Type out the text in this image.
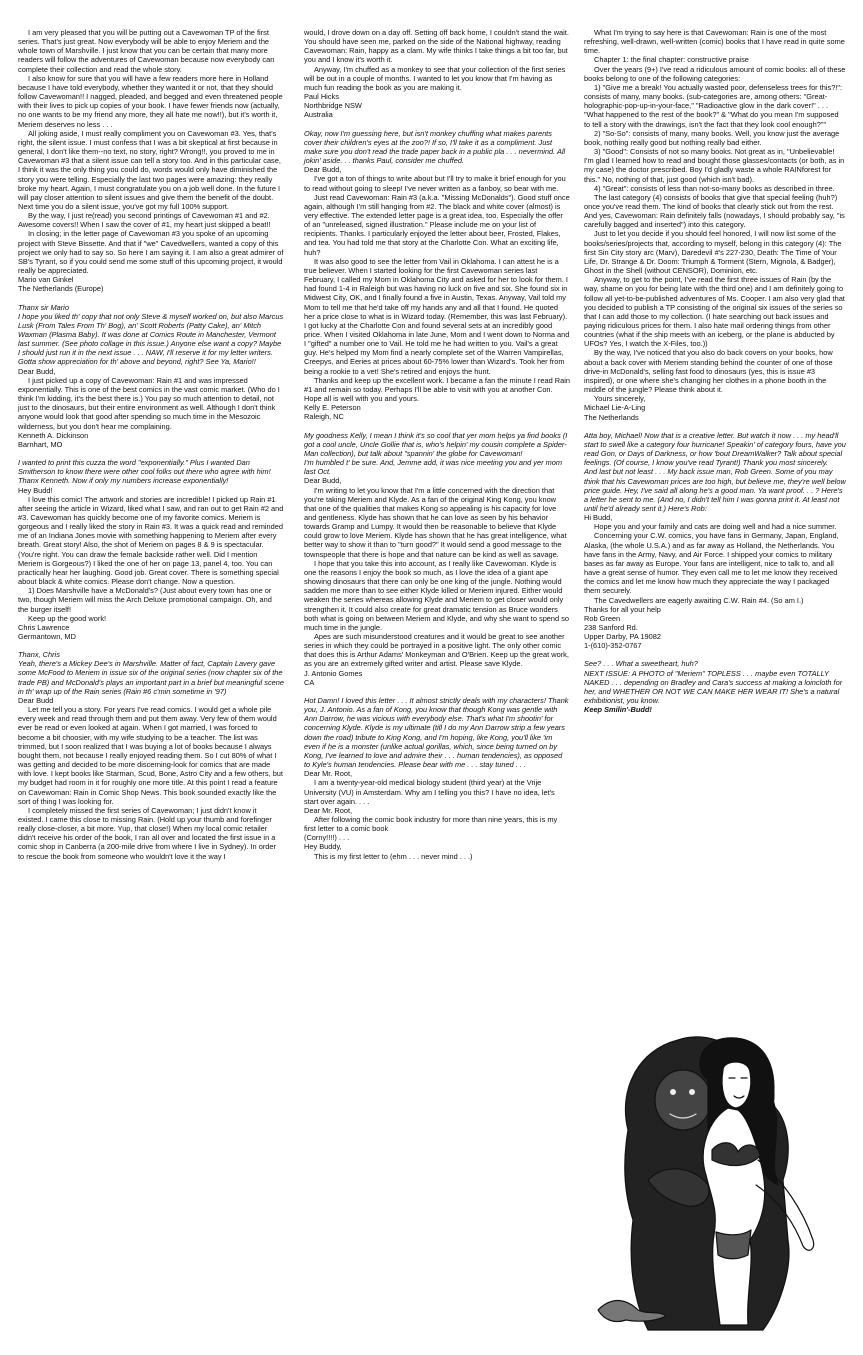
I am very pleased that you will be putting out a Cavewoman TP of the first series. That's just great. Now everybody will be able to enjoy Meriem and the whole town of Marshville. I just know that you can be certain that many more readers will follow the adventures of Cavewoman because now everybody can complete their collection and read the whole story.

I also know for sure that you will have a few readers more here in Holland because I have told everybody, whether they wanted it or not, that they should follow Cavewoman!! I nagged, pleaded, and begged and even threatened people with their lives to pick up copies of your book. I have fewer friends now (actually, no one wants to be my friend any more, they all hate me now!!), but it's worth it, Meriem deserves no less . . .

All joking aside, I must really compliment you on Cavewoman #3. Yes, that's right, the silent issue. I must confess that I was a bit skeptical at first because in general, I don't like them--no text, no story, right? Wrong!!, you proved to me in Cavewoman #3 that a silent issue can tell a story too. And in this particular case, I think it was the only thing you could do, words would only have diminished the story you were telling. Especially the last two pages were amazing: they really broke my heart. Again, I must congratulate you on a job well done. In the future I will pay closer attention to silent issues and give them the benefit of the doubt. Next time you do a silent issue, you've got my full 100% support.

By the way, I just re(read) you second printings of Cavewoman #1 and #2. Awesome covers!! When I saw the cover of #1, my heart just skipped a beat!!

In closing; in the letter page of Cavewoman #3 you spoke of an upcoming project with Steve Bissette. And that if "we" Cavedwellers, wanted a copy of this project we only had to say so. So here I am saying it. I am also a great admirer of SB's Tyrant, so if you could send me some stuff of this upcoming project, it would really be appreciated.

Mario van Ginkel
The Netherlands (Europe)

Thanx sir Mario
I hope you liked th' copy that not only Steve & myself worked on, but also Marcus Lusk (From Tales From Th' Bog), an' Scott Roberts (Patty Cake), an' Mitch Waxman (Plasma Baby). It was done at Comics Route in Manchester, Vermont last summer. (See photo collage in this issue.) Anyone else want a copy? Maybe I should just run it in the next issue . . . NAW, I'll reserve it for my letter writers. Gotta show appreciation for th' above and beyond, right? See Ya, Mario!!

Dear Budd,

I just picked up a copy of Cavewoman: Rain #1 and was impressed exponentially. This is one of the best comics in the vast comic market. (Who do I think I'm kidding, it's the best there is.) You pay so much attention to detail, not just to the dinosaurs, but their entire environment as well. Although I don't think anyone would look that good after spending so much time in the Mesozoic wilderness, but you don't hear me complaining.

Kenneth A. Dickinson
Barnhart, MO

I wanted to print this cuzza the word "exponentially." Plus I wanted Dan Smitherson to know there were other cool folks out there who agree with him! Thanx Kenneth. Now if only my numbers increase exponentially!

Hey Budd!

I love this comic! The artwork and stories are incredible! I picked up Rain #1 after seeing the article in Wizard, liked what I saw, and ran out to get Rain #2 and #3. Cavewoman has quickly become one of my favorite comics. Meriem is gorgeous and I really liked the story in Rain #3. It was a quick read and reminded me of an Indiana Jones movie with something happening to Meriem after every breath. Great story! Also, the shot of Meriem on pages 8 & 9 is spectacular. (You're right. You can draw the female backside rather well. Did I mention Meriem is Gorgeous?) I liked the one of her on page 13, panel 4, too. You can practically hear her laughing. Good job. Great cover. There is something special about black & white comics. Please don't change. Now a question.

1) Does Marshville have a McDonald's? (Just about every town has one or two, though Meriem will miss the Arch Deluxe promotional campaign. Oh, and the burger itself!

Keep up the good work!

Chris Lawrence
Germantown, MD

Thanx, Chris
Yeah, there's a Mickey Dee's in Marshville. Matter of fact, Captain Lavery gave some McFood to Meriem in issue six of the original series (now chapter six of the trade PB) and McDonald's plays an important part in a brief but meaningful scene in th' wrap up of the Rain series (Rain #6 c'min sometime in '97)

Dear Budd

Let me tell you a story. For years I've read comics. I would get a whole pile every week and read through them and put them away. Very few of them would ever be read or even looked at again. When I got married, I was forced to become a bit choosier, with my wife studying to be a teacher. The list was trimmed, but I soon realized that I was buying a lot of books because I always bought them, not because I really enjoyed reading them. So I cut 80% of what I was getting and decided to be more discerning-look for comics that are made with love. I kept books like Starman, Scud, Bone, Astro City and a few others, but my budget had room in it for roughly one more title. At this point I read a feature on Cavewoman: Rain in Comic Shop News. This book sounded exactly like the sort of thing I was looking for.

I completely missed the first series of Cavewoman; I just didn't know it existed. I came this close to missing Rain. (Hold up your thumb and forefinger really close-closer, a bit more. Yup, that close!) When my local comic retailer didn't receive his order of the book, I ran all over and located the first issue in a comic shop in Canberra (a 200-mile drive from where I live in Sydney). In order to rescue the book from someone who wouldn't love it the way I

would, I drove down on a day off. Setting off back home, I couldn't stand the wait. You should have seen me, parked on the side of the National highway, reading Cavewoman: Rain, happy as a clam. My wife thinks I take things a bit too far, but you and I know it's worth it.

Anyway, I'm chuffed as a monkey to see that your collection of the first series will be out in a couple of months. I wanted to let you know that I'm having as much fun reading the book as you are making it.

Paul Hicks
Northbridge NSW
Australia

Okay, now I'm guessing here, but isn't monkey chuffing what makes parents cover their children's eyes at the zoo?! If so, I'll take it as a compliment. Just make sure you don't read the trade paper back in a public pla . . . nevermind. All jokin' aside. . . thanks Paul, consider me chuffed.

Dear Budd,

I've got a ton of things to write about but I'll try to make it brief enough for you to read without going to sleep! I've never written as a fanboy, so bear with me.

Just read Cavewoman: Rain #3 (a.k.a. "Missing McDonalds"). Good stuff once again, although I'm still hanging from #2. The black and white cover (almost) is very effective. The extended letter page is a great idea, too. Especially the offer of an "unreleased, signed illustration." Please include me on your list of recipients. Thanks. I particularly enjoyed the letter about beer, Frosted, Flakes, and tea. You had told me that story at the Charlotte Con. What an exciting life, huh?

It was also good to see the letter from Vail in Oklahoma. I can attest he is a true believer. When I started looking for the first Cavewoman series last February, I called my Mom in Oklahoma City and asked for her to look for them. I had found 1-4 in Raleigh but was having no luck on five and six. She found six in Midwest City, OK, and I finally found a five in Austin, Texas. Anyway, Vail told my Mom to tell me that he'd take off my hands any and all that I found. He quoted her a price close to what is in Wizard today. (Remember, this was last February). I got lucky at the Charlotte Con and found several sets at an incredibly good price. When I visited Oklahoma in late June, Mom and I went down to Norma and I "gifted" a number one to Vail. He told me he had written to you. Vail's a great guy. He's helped my Mom find a nearly complete set of the Warren Vampirellas, Creepys, and Eeries at prices about 60-75% lower than Wizard's. Took her from being a rookie to a vet! She's retired and enjoys the hunt.

Thanks and keep up the excellent work. I became a fan the minute I read Rain #1 and remain so today. Perhaps I'll be able to visit with you at another Con. Hope all is well with you and yours.

Kelly E. Peterson
Raleigh, NC

My goodness Kelly, I mean I think it's so cool that yer mom helps ya find books (I got a cool uncle, Uncle Gollie that is, who's helpin' my cousin complete a Spider-Man collection), but talk about "spannin' the globe for Cavewoman!
I'm humbled t' be sure. And, Jemme add, it was nice meeting you and yer mom last Oct.

Dear Budd,

I'm writing to let you know that I'm a little concerned with the direction that you're taking Meriem and Klyde. As a fan of the original King Kong, you know that one of the qualities that makes Kong so appealing is his capacity for love and gentleness. Klyde has shown that he can love as seen by his behavior towards Gramp and Lumpy. It would then be reasonable to believe that Klyde could grow to love Meriem. Klyde has shown that he has great intelligence, what better way to show it than to "turn good?" It would send a good message to the townspeople that there is hope and that nature can be kind as well as savage.

I hope that you take this into account, as I really like Cavewoman. Klyde is one the reasons I enjoy the book so much, as I love the idea of a giant ape showing dinosaurs that there can only be one king of the jungle. Nothing would sadden me more than to see either Klyde killed or Meriem injured. Either would weaken the series whereas allowing Klyde and Meriem to get closer would only strengthen it. It could also create for great dramatic tension as Bruce wonders both what is going on between Meriem and Klyde, and why she want to spend so much time in the jungle.

Apes are such misunderstood creatures and it would be great to see another series in which they could be portrayed in a positive light. The only other comic that does this is Arthur Adams' Monkeyman and O'Brien. Keep up the great work, as you are an extremely gifted writer and artist. Please save Klyde.

J. Antonio Gomes
CA

Hot Damn! I loved this letter . . . It almost strictly deals with my characters! Thank you, J. Antonio. As a fan of Kong, you know that though Kong was gentle with Ann Darrow, he was vicious with everybody else. That's what I'm shootin' for concerning Klyde. Klyde is my ultimate (till I do my Ann Darrow strip a few years down the road) tribute to King Kong, and I'm hoping, like Kong, you'll like 'im even if he is a monster (unlike actual gorillas, which, since being turned on by Kong, I've learned to love and admire their . . . human tendencies), as opposed to Kyle's human tendencies. Please bear with me . . . stay tuned . . .

Dear Mr. Root,

I am a twenty-year-old medical biology student (third year) at the Vrije University (VU) in Amsterdam. Why am I telling you this? I have no idea, let's start over again. . . .

Dear Mr. Root,

After following the comic book industry for more than nine years, this is my first letter to a comic book

(Corny!!!!) . . .

Hey Buddy,

This is my first letter to (ehm . . . never mind . . .)

What I'm trying to say here is that Cavewoman: Rain is one of the most refreshing, well-drawn, well-written (comic) books that I have read in quite some time.

Chapter 1: the final chapter: constructive praise

Over the years (9+) I've read a ridiculous amount of comic books: all of these books belong to one of the following categories:

1) "Give me a break! You actually wasted poor, defenseless trees for this?!": consists of many, many books. (sub-categories are, among others: "Great-holographic-pop-up-in-your-face," "Radioactive glow in the dark cover!" . . . "What happened to the rest of the book?" & "What do you mean I'm supposed to tell a story with the drawings, isn't the fact that they look cool enough?""

2) "So-So": consists of many, many books. Well, you know just the average book, nothing really good but nothing really bad either.

3) "Good": Consists of not so many books. Not great as in, "Unbelievable! I'm glad I learned how to read and bought those glasses/contacts (or both, as in my case) the doctor prescribed. Boy I'd gladly waste a whole RAINforest for this." No, nothing of that, just good (which isn't bad).

4) "Great": consists of less than not-so-many books as described in three.

The last category (4) consists of books that give that special feeling (huh?) once you've read them. The kind of books that clearly stick out from the rest. And yes, Cavewoman: Rain definitely falls (nowadays, I should probably say, "is carefully bagged and inserted") into this category.

Just to let you decide if you should feel honored, I will now list some of the books/series/projects that, according to myself, belong in this category (4): The first Sin City story arc (Marv), Daredevil #'s 227-230, Death: The Time of Your Life, Dr. Strange & Dr. Doom: Triumph & Torment (Stern, Mignola, & Badger), Ghost in the Shell (without CENSOR), Dominion, etc.

Anyway, to get to the point, I've read the first three issues of Rain (by the way, shame on you for being late with the third one) and I am definitely going to follow all yet-to-be-published adventures of Ms. Cooper. I am also very glad that you decided to publish a TP consisting of the original six issues of the series so that I can add those to my collection. (I hate searching out back issues and paying ridiculous prices for them. I also hate mail ordering things from other countries (what if the ship meets with an iceberg, or the plane is abducted by UFOs? Yes, I watch the X-Files, too.))

By the way, I've noticed that you also do back covers on your books, how about a back cover with Meriem standing behind the counter of one of those drive-in McDonald's, selling fast food to dinosaurs (yes, this is issue #3 inspired), or one where she's changing her clothes in a phone booth in the middle of the jungle? Please think about it.

Yours sincerely,

Michael Lie-A-Ling
The Netherlands

Atta boy, Michael! Now that is a creative letter. But watch it now . . . my head'll start to swell like a category four hurricane! Speakin' of category fours, have you read Gon, or Days of Darkness, or how 'bout DreamWalker? Talk about special feelings. (Of course, I know you've read Tyrant!) Thank you most sincerely.

And last but not least . . . My back issue man, Rob Green. Some of you may think that his Cavewoman prices are too high, but believe me, they're well below price guide. Hey, I've said all along he's a good man. Ya want proof. . . ? Here's a letter he sent to me. (And no, I didn't tell him I was gonna print it. At least not until he'd already sent it.) Here's Rob:

Hi Budd,

Hope you and your family and cats are doing well and had a nice summer.

Concerning your C.W. comics, you have fans in Germany, Japan, England, Alaska, (the whole U.S.A.) and as far away as Holland, the Netherlands. You have fans in the Army, Navy, and Air Force. I shipped your comics to military bases as far away as Europe. Your fans are intelligent, nice to talk to, and all have a great sense of humor. They even call me to let me know they received the comics and let me know how much they appreciate the way I packaged them securely.

The Cavedwellers are eagerly awaiting C.W. Rain #4. (So am I.)

Thanks for all your help
Rob Green
238 Sanford Rd.
Upper Darby, PA 19082
1-(610)-352-0767

See? . . . What a sweetheart, huh?
NEXT ISSUE: A PHOTO of "Meriem" TOPLESS . . . maybe even TOTALLY NAKED . . . depending on Bradley and Cara's success at making a loincloth for her, and WHETHER OR NOT WE CAN MAKE HER WEAR IT! She's a natural exhibitionist, you know.

Keep Smilin'-Budd!
